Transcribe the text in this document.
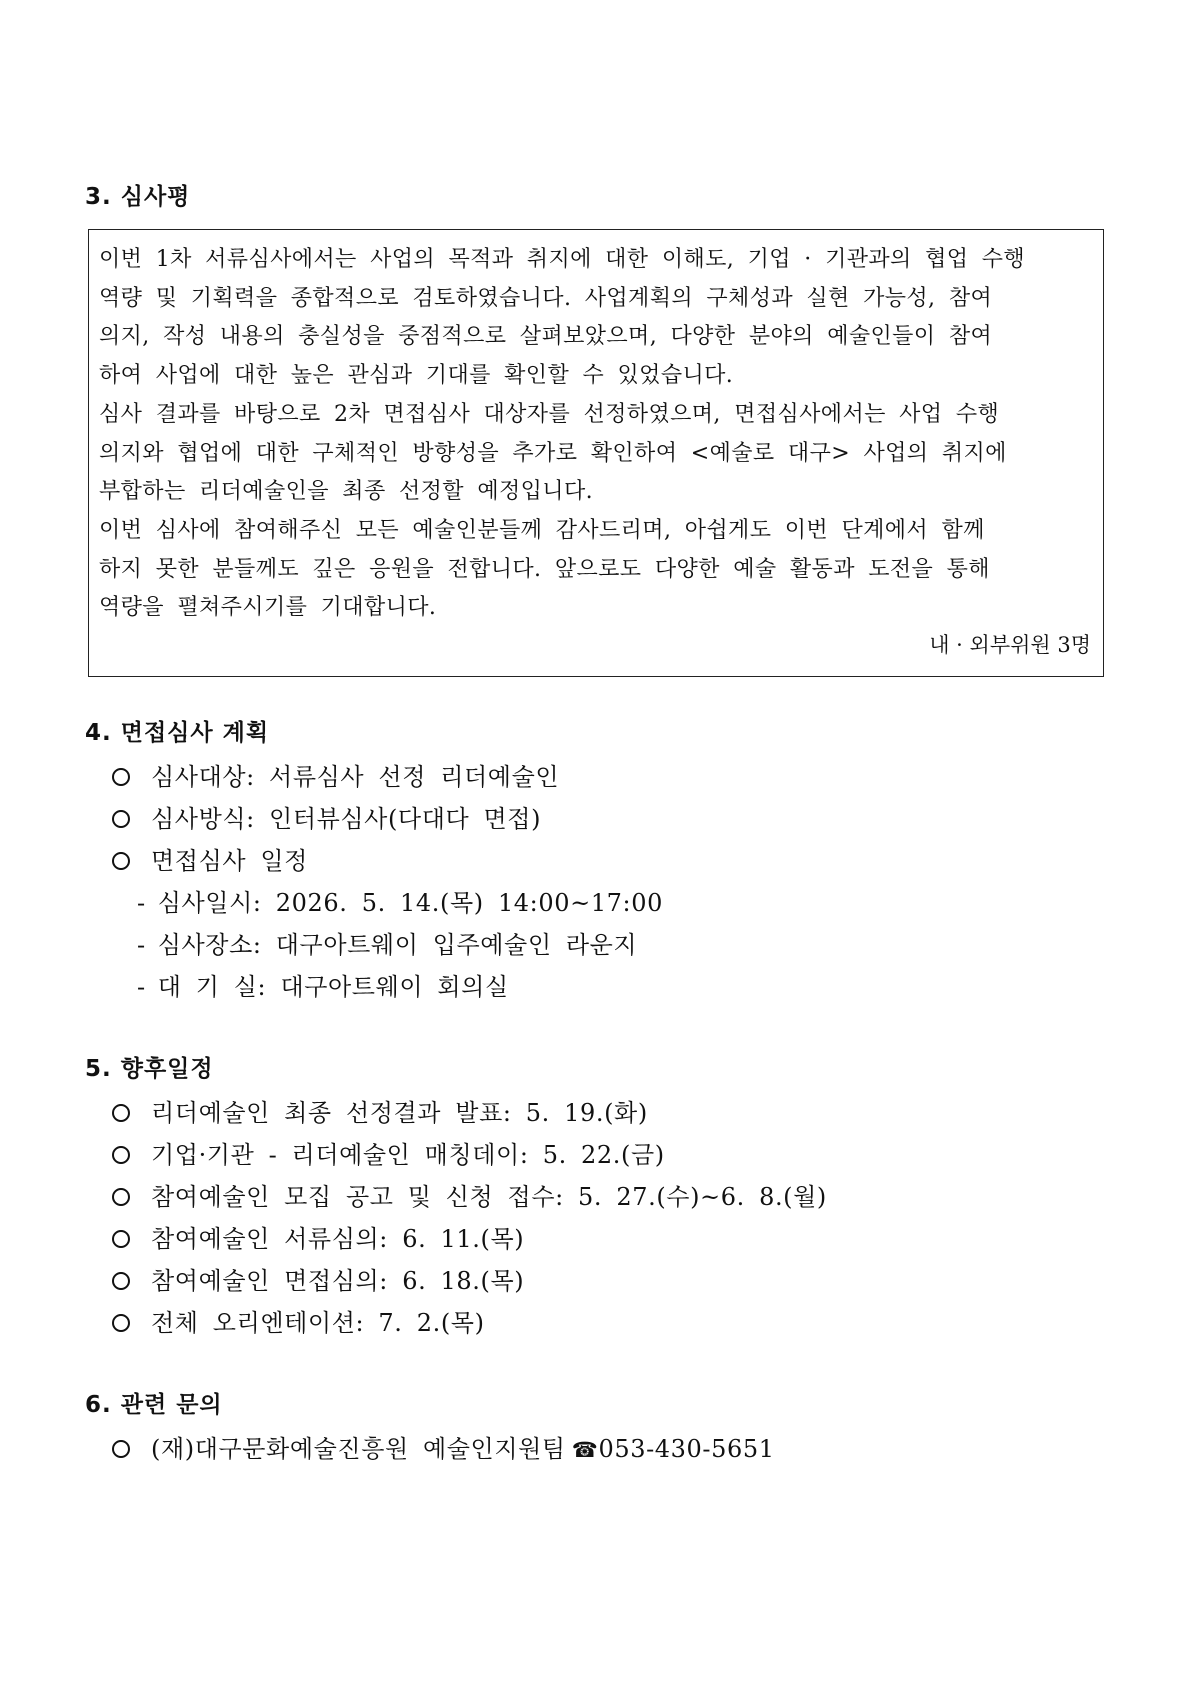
3. 심사평

이번 1차 서류심사에서는 사업의 목적과 취지에 대한 이해도, 기업 · 기관과의 협업 수행
역량 및 기획력을 종합적으로 검토하였습니다. 사업계획의 구체성과 실현 가능성, 참여
의지, 작성 내용의 충실성을 중점적으로 살펴보았으며, 다양한 분야의 예술인들이 참여
하여 사업에 대한 높은 관심과 기대를 확인할 수 있었습니다.
심사 결과를 바탕으로 2차 면접심사 대상자를 선정하였으며, 면접심사에서는 사업 수행
의지와 협업에 대한 구체적인 방향성을 추가로 확인하여 <예술로 대구> 사업의 취지에
부합하는 리더예술인을 최종 선정할 예정입니다.
이번 심사에 참여해주신 모든 예술인분들께 감사드리며, 아쉽게도 이번 단계에서 함께
하지 못한 분들께도 깊은 응원을 전합니다. 앞으로도 다양한 예술 활동과 도전을 통해
역량을 펼쳐주시기를 기대합니다.

내 · 외부위원 3명
4. 면접심사 계획
심사대상: 서류심사 선정 리더예술인
심사방식: 인터뷰심사(다대다 면접)
면접심사 일정
- 심사일시: 2026. 5. 14.(목) 14:00~17:00
- 심사장소: 대구아트웨이 입주예술인 라운지
- 대 기 실: 대구아트웨이 회의실
5. 향후일정
리더예술인 최종 선정결과 발표: 5. 19.(화)
기업·기관 - 리더예술인 매칭데이: 5. 22.(금)
참여예술인 모집 공고 및 신청 접수: 5. 27.(수)~6. 8.(월)
참여예술인 서류심의: 6. 11.(목)
참여예술인 면접심의: 6. 18.(목)
전체 오리엔테이션: 7. 2.(목)
6. 관련 문의
(재)대구문화예술진흥원 예술인지원팀 ☎053-430-5651
